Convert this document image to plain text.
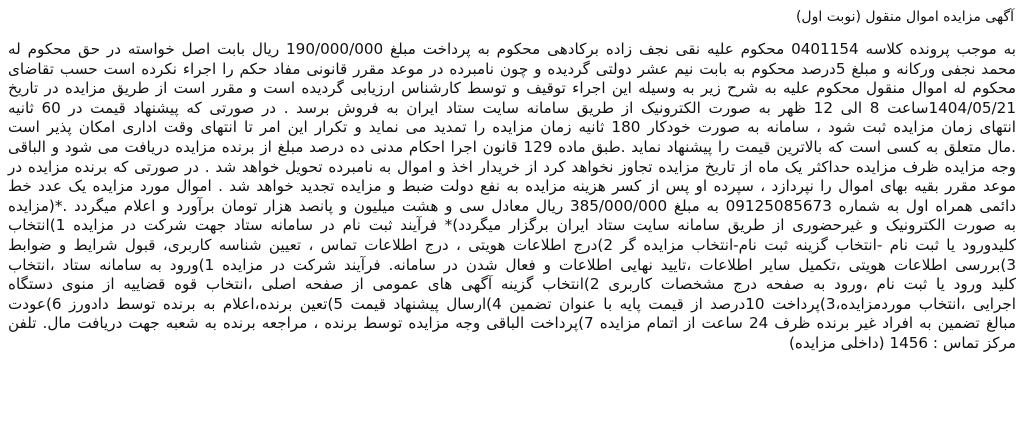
آگهی مزایده اموال منقول (نوبت اول)
به موجب پرونده کلاسه 0401154 محکوم علیه نقی نجف زاده برکادهی محکوم به پرداخت مبلغ 190/000/000 ریال بابت اصل خواسته در حق محکوم له
محمد نجفی ورکانه و مبلغ 5درصد محکوم به بابت نیم عشر دولتی گردیده و چون نامبرده در موعد مقرر قانونی مفاد حکم را اجراء نکرده است حسب تقاضای
محکوم له اموال منقول محکوم علیه به شرح زیر به وسیله این اجراء توقیف و توسط کارشناس ارزیابی گردیده است و مقرر است از طریق مزایده در تاریخ
1404/05/21ساعت 8 الی 12 ظهر به صورت الکترونیک از طریق سامانه سایت ستاد ایران به فروش برسد . در صورتی که پیشنهاد قیمت در 60 ثانیه
انتهای زمان مزایده ثبت شود ، سامانه به صورت خودکار 180 ثانیه زمان مزایده را تمدید می نماید و تکرار این امر تا انتهای وقت اداری امکان پذیر است
.مال متعلق به کسی است که بالاترین قیمت را پیشنهاد نماید .طبق ماده 129 قانون اجرا احکام مدنی ده درصد مبلغ از برنده مزایده دریافت می شود و الباقی
وجه مزایده ظرف مزایده حداکثر یک ماه از تاریخ مزایده تجاوز نخواهد کرد از خریدار اخذ و اموال به نامبرده تحویل خواهد شد . در صورتی که برنده مزایده در
موعد مقرر بقیه بهای اموال را نپردازد ، سپرده او پس از کسر هزینه مزایده به نفع دولت ضبط و مزایده تجدید خواهد شد . اموال مورد مزایده یک عدد خط
دائمی همراه اول به شماره 09125085673 به مبلغ 385/000/000 ریال معادل سی و هشت میلیون و پانصد هزار تومان برآورد و اعلام میگردد .*(مزایده
به صورت الکترونیک و غیرحضوری از طریق سامانه سایت ستاد ایران برگزار میگردد)* فرآیند ثبت نام در سامانه ستاد جهت شرکت در مزایده 1)انتخاب
کلیدورود یا ثبت نام -انتخاب گزینه ثبت نام-انتخاب مزایده گر 2)درج اطلاعات هویتی ، درج اطلاعات تماس ، تعیین شناسه کاربری، قبول شرایط و ضوابط
3)بررسی اطلاعات هویتی ،تکمیل سایر اطلاعات ،تایید نهایی اطلاعات و فعال شدن در سامانه. فرآیند شرکت در مزایده 1)ورود به سامانه ستاد ،انتخاب
کلید ورود یا ثبت نام ،ورود به صفحه درج مشخصات کاربری 2)انتخاب گزینه آگهی های عمومی از صفحه اصلی ،انتخاب قوه قضاییه از منوی دستگاه
اجرایی ،انتخاب موردمزایده،3)پرداخت 10درصد از قیمت پایه با عنوان تضمین 4)ارسال پیشنهاد قیمت 5)تعین برنده،اعلام به برنده توسط دادورز 6)عودت
مبالغ تضمین به افراد غیر برنده ظرف 24 ساعت از اتمام مزایده 7)پرداخت الباقی وجه مزایده توسط برنده ، مراجعه برنده به شعبه جهت دریافت مال. تلفن
مرکز تماس : 1456 (داخلی مزایده)
